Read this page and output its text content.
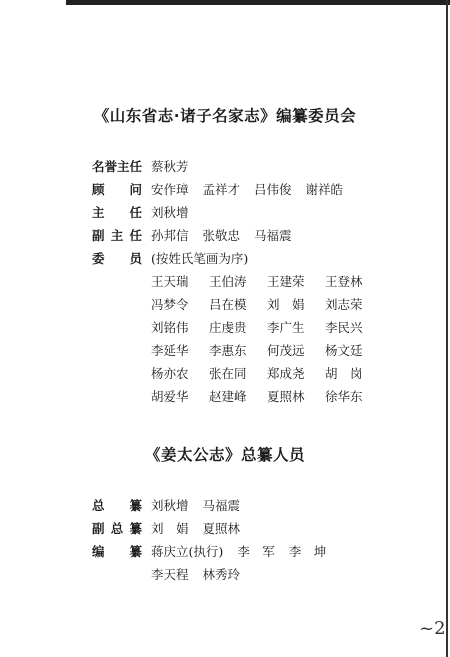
《山东省志·诸子名家志》编纂委员会
名 誉 主 任 蔡秋芳
顾 问 安作璋 孟祥才 吕伟俊 谢祥皓
主 任 刘秋增
副 主 任 孙邦信 张敬忠 马福震
委 员 (按姓氏笔画为序)
王天瑞	王伯涛	王建荣	王登林
冯梦令	吕在模	刘　娟	刘志荣
刘铭伟	庄虔贵	李广生	李民兴
李延华	李惠东	何茂远	杨文廷
杨亦农	张在同	郑成尧	胡　岗
胡爱华	赵建峰	夏照林	徐华东
《姜太公志》总纂人员
总 纂 刘秋增 马福震
副 总 纂 刘　娟 夏照林
编 纂 蒋庆立(执行) 李　军 李　坤
李天程 林秀玲
~2
